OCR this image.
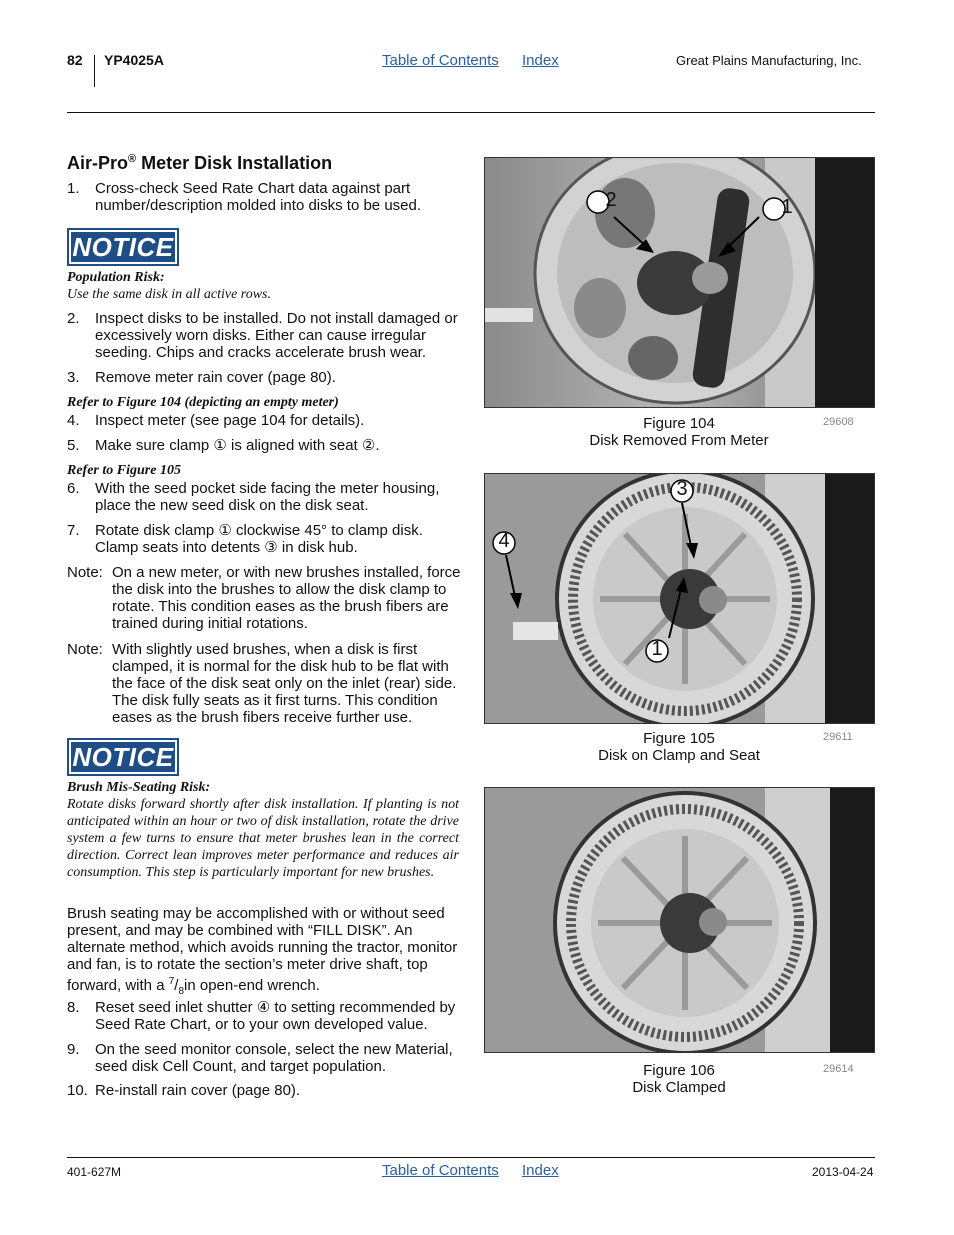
82 YP4025A	Table of Contents Index	Great Plains Manufacturing, Inc.
Air-Pro® Meter Disk Installation
1. Cross-check Seed Rate Chart data against part number/description molded into disks to be used.
NOTICE
Population Risk:
Use the same disk in all active rows.
2. Inspect disks to be installed. Do not install damaged or excessively worn disks. Either can cause irregular seeding. Chips and cracks accelerate brush wear.
3. Remove meter rain cover (page 80).
Refer to Figure 104 (depicting an empty meter)
4. Inspect meter (see page 104 for details).
5. Make sure clamp ① is aligned with seat ②.
Refer to Figure 105
6. With the seed pocket side facing the meter housing, place the new seed disk on the disk seat.
7. Rotate disk clamp ① clockwise 45° to clamp disk. Clamp seats into detents ③ in disk hub.
Note: On a new meter, or with new brushes installed, force the disk into the brushes to allow the disk clamp to rotate. This condition eases as the brush fibers are trained during initial rotations.
Note: With slightly used brushes, when a disk is first clamped, it is normal for the disk hub to be flat with the face of the disk seat only on the inlet (rear) side. The disk fully seats as it first turns. This condition eases as the brush fibers receive further use.
NOTICE
Brush Mis-Seating Risk:
Rotate disks forward shortly after disk installation. If planting is not anticipated within an hour or two of disk installation, rotate the drive system a few turns to ensure that meter brushes lean in the correct direction. Correct lean improves meter performance and reduces air consumption. This step is particularly important for new brushes.
Brush seating may be accomplished with or without seed present, and may be combined with “FILL DISK”. An alternate method, which avoids running the tractor, monitor and fan, is to rotate the section’s meter drive shaft, top forward, with a $^7/_8in$ open-end wrench.
8. Reset seed inlet shutter ④ to setting recommended by Seed Rate Chart, or to your own developed value.
9. On the seed monitor console, select the new Material, seed disk Cell Count, and target population.
10. Re-install rain cover (page 80).
2	1
Figure 104
Disk Removed From Meter
29608
3
4
1
Figure 105
Disk on Clamp and Seat
29611
Figure 106
Disk Clamped
29614
401-627M	Table of Contents Index	2013-04-24
